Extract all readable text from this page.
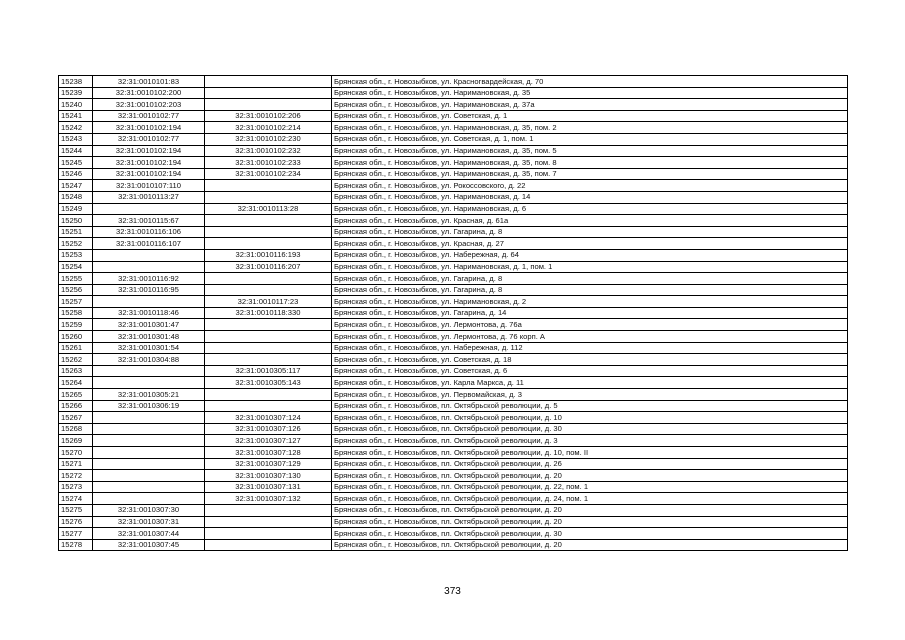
15238	32:31:0010101:83		Брянская обл., г. Новозыбков, ул. Красногвардейская, д. 70
15239	32:31:0010102:200		Брянская обл., г. Новозыбков, ул. Наримановская, д. 35
15240	32:31:0010102:203		Брянская обл., г. Новозыбков, ул. Наримановская, д. 37а
15241	32:31:0010102:77	32:31:0010102:206	Брянская обл., г. Новозыбков, ул. Советская, д. 1
15242	32:31:0010102:194	32:31:0010102:214	Брянская обл., г. Новозыбков, ул. Наримановская, д. 35, пом. 2
15243	32:31:0010102:77	32:31:0010102:230	Брянская обл., г. Новозыбков, ул. Советская, д. 1, пом. 1
15244	32:31:0010102:194	32:31:0010102:232	Брянская обл., г. Новозыбков, ул. Наримановская, д. 35, пом. 5
15245	32:31:0010102:194	32:31:0010102:233	Брянская обл., г. Новозыбков, ул. Наримановская, д. 35, пом. 8
15246	32:31:0010102:194	32:31:0010102:234	Брянская обл., г. Новозыбков, ул. Наримановская, д. 35, пом. 7
15247	32:31:0010107:110		Брянская обл., г. Новозыбков, ул. Рокоссовского, д. 22
15248	32:31:0010113:27		Брянская обл., г. Новозыбков, ул. Наримановская, д. 14
15249		32:31:0010113:28	Брянская обл., г. Новозыбков, ул. Наримановская, д. 6
15250	32:31:0010115:67		Брянская обл., г. Новозыбков, ул. Красная, д. 61а
15251	32:31:0010116:106		Брянская обл., г. Новозыбков, ул. Гагарина, д. 8
15252	32:31:0010116:107		Брянская обл., г. Новозыбков, ул. Красная, д. 27
15253		32:31:0010116:193	Брянская обл., г. Новозыбков, ул. Набережная, д. 64
15254		32:31:0010116:207	Брянская обл., г. Новозыбков, ул. Наримановская, д. 1, пом. 1
15255	32:31:0010116:92		Брянская обл., г. Новозыбков, ул. Гагарина, д. 8
15256	32:31:0010116:95		Брянская обл., г. Новозыбков, ул. Гагарина, д. 8
15257		32:31:0010117:23	Брянская обл., г. Новозыбков, ул. Наримановская, д. 2
15258	32:31:0010118:46	32:31:0010118:330	Брянская обл., г. Новозыбков, ул. Гагарина, д. 14
15259	32:31:0010301:47		Брянская обл., г. Новозыбков, ул. Лермонтова, д. 76а
15260	32:31:0010301:48		Брянская обл., г. Новозыбков, ул. Лермонтова, д. 76 корп. А
15261	32:31:0010301:54		Брянская обл., г. Новозыбков, ул. Набережная, д. 112
15262	32:31:0010304:88		Брянская обл., г. Новозыбков, ул. Советская, д. 18
15263		32:31:0010305:117	Брянская обл., г. Новозыбков, ул. Советская, д. 6
15264		32:31:0010305:143	Брянская обл., г. Новозыбков, ул. Карла Маркса, д. 11
15265	32:31:0010305:21		Брянская обл., г. Новозыбков, ул. Первомайская, д. 3
15266	32:31:0010306:19		Брянская обл., г. Новозыбков, пл. Октябрьской революции, д. 5
15267		32:31:0010307:124	Брянская обл., г. Новозыбков, пл. Октябрьской революции, д. 10
15268		32:31:0010307:126	Брянская обл., г. Новозыбков, пл. Октябрьской революции, д. 30
15269		32:31:0010307:127	Брянская обл., г. Новозыбков, пл. Октябрьской революции, д. 3
15270		32:31:0010307:128	Брянская обл., г. Новозыбков, пл. Октябрьской революции, д. 10, пом. II
15271		32:31:0010307:129	Брянская обл., г. Новозыбков, пл. Октябрьской революции, д. 26
15272		32:31:0010307:130	Брянская обл., г. Новозыбков, пл. Октябрьской революции, д. 20
15273		32:31:0010307:131	Брянская обл., г. Новозыбков, пл. Октябрьской революции, д. 22, пом. 1
15274		32:31:0010307:132	Брянская обл., г. Новозыбков, пл. Октябрьской революции, д. 24, пом. 1
15275	32:31:0010307:30		Брянская обл., г. Новозыбков, пл. Октябрьской революции, д. 20
15276	32:31:0010307:31		Брянская обл., г. Новозыбков, пл. Октябрьской революции, д. 20
15277	32:31:0010307:44		Брянская обл., г. Новозыбков, пл. Октябрьской революции, д. 30
15278	32:31:0010307:45		Брянская обл., г. Новозыбков, пл. Октябрьской революции, д. 20
373
